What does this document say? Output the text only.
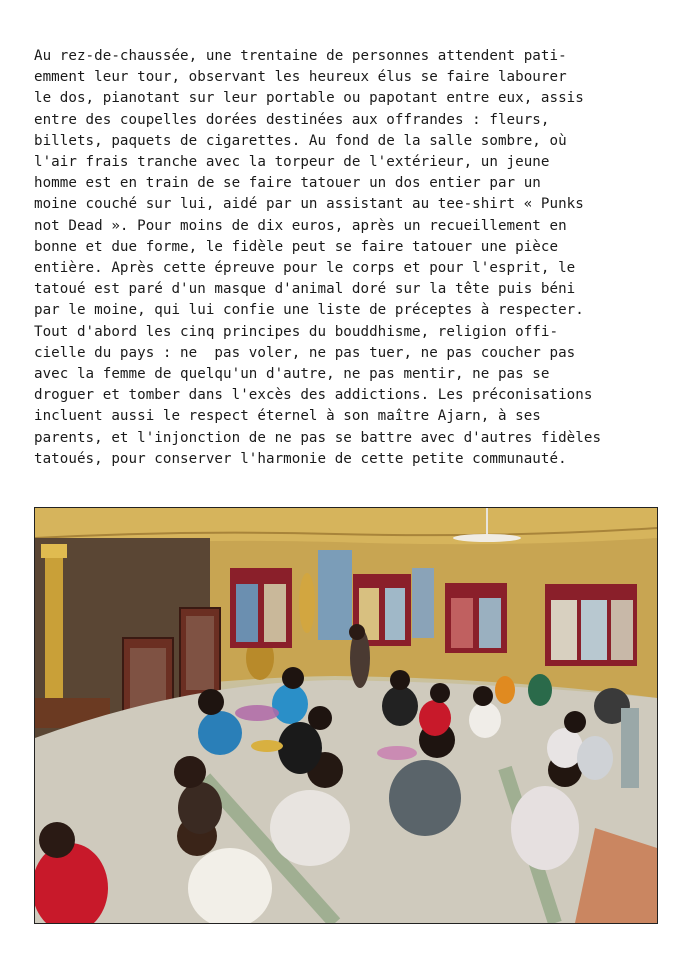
Au rez-de-chaussée, une trentaine de personnes attendent pati-
emment leur tour, observant les heureux élus se faire labourer
le dos, pianotant sur leur portable ou papotant entre eux, assis
entre des coupelles dorées destinées aux offrandes : fleurs,
billets, paquets de cigarettes. Au fond de la salle sombre, où
l'air frais tranche avec la torpeur de l'extérieur, un jeune
homme est en train de se faire tatouer un dos entier par un
moine couché sur lui, aidé par un assistant au tee-shirt « Punks
not Dead ». Pour moins de dix euros, après un recueillement en
bonne et due forme, le fidèle peut se faire tatouer une pièce
entière. Après cette épreuve pour le corps et pour l'esprit, le
tatoué est paré d'un masque d'animal doré sur la tête puis béni
par le moine, qui lui confie une liste de préceptes à respecter.
Tout d'abord les cinq principes du bouddhisme, religion offi-
cielle du pays : ne  pas voler, ne pas tuer, ne pas coucher pas
avec la femme de quelqu'un d'autre, ne pas mentir, ne pas se
droguer et tomber dans l'excès des addictions. Les préconisations
incluent aussi le respect éternel à son maître Ajarn, à ses
parents, et l'injonction de ne pas se battre avec d'autres fidèles
tatoués, pour conserver l'harmonie de cette petite communauté.
